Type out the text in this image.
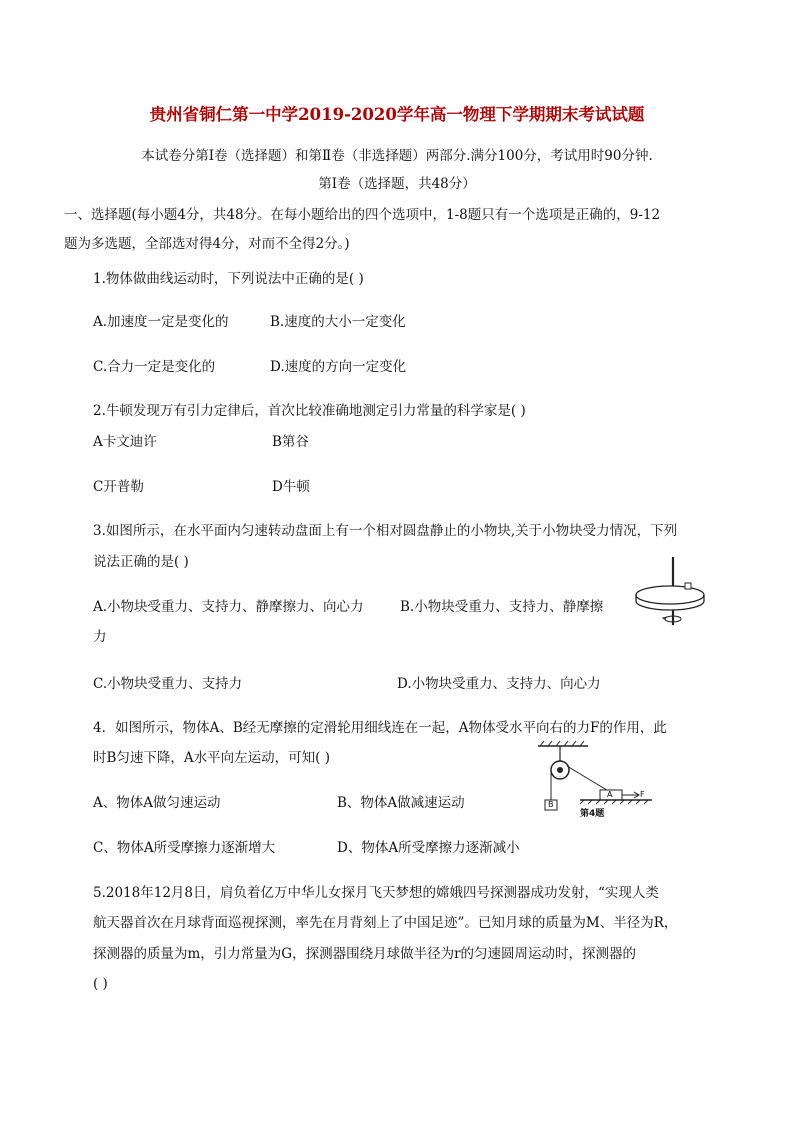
贵州省铜仁第一中学2019-2020学年高一物理下学期期末考试试题
本试卷分第Ⅰ卷（选择题）和第Ⅱ卷（非选择题）两部分.满分100分，考试用时90分钟.
第Ⅰ卷（选择题，共48分）
一、选择题(每小题4分，共48分。在每小题给出的四个选项中，1-8题只有一个选项是正确的，9-12
题为多选题，全部选对得4分，对而不全得2分。)
1.物体做曲线运动时，下列说法中正确的是( )
A.加速度一定是变化的	B.速度的大小一定变化
C.合力一定是变化的	D.速度的方向一定变化
2.牛顿发现万有引力定律后，首次比较准确地测定引力常量的科学家是( )
A卡文迪许	B第谷
C开普勒	D牛顿
3.如图所示，在水平面内匀速转动盘面上有一个相对圆盘静止的小物块,关于小物块受力情况，下列
说法正确的是( )
A.小物块受重力、支持力、静摩擦力、向心力	B.小物块受重力、支持力、静摩擦
力
C.小物块受重力、支持力	D.小物块受重力、支持力、向心力
4．如图所示，物体A、B经无摩擦的定滑轮用细线连在一起，A物体受水平向右的力F的作用，此
时B匀速下降，A水平向左运动，可知( )
A、物体A做匀速运动	B、物体A做减速运动
C、物体A所受摩擦力逐渐增大	D、物体A所受摩擦力逐渐减小
B
A	F
第4题
5.2018年12月8日，肩负着亿万中华儿女探月飞天梦想的嫦娥四号探测器成功发射，“实现人类
航天器首次在月球背面巡视探测，率先在月背刻上了中国足迹”。已知月球的质量为M、半径为R，
探测器的质量为m，引力常量为G，探测器围绕月球做半径为r的匀速圆周运动时，探测器的
( )
